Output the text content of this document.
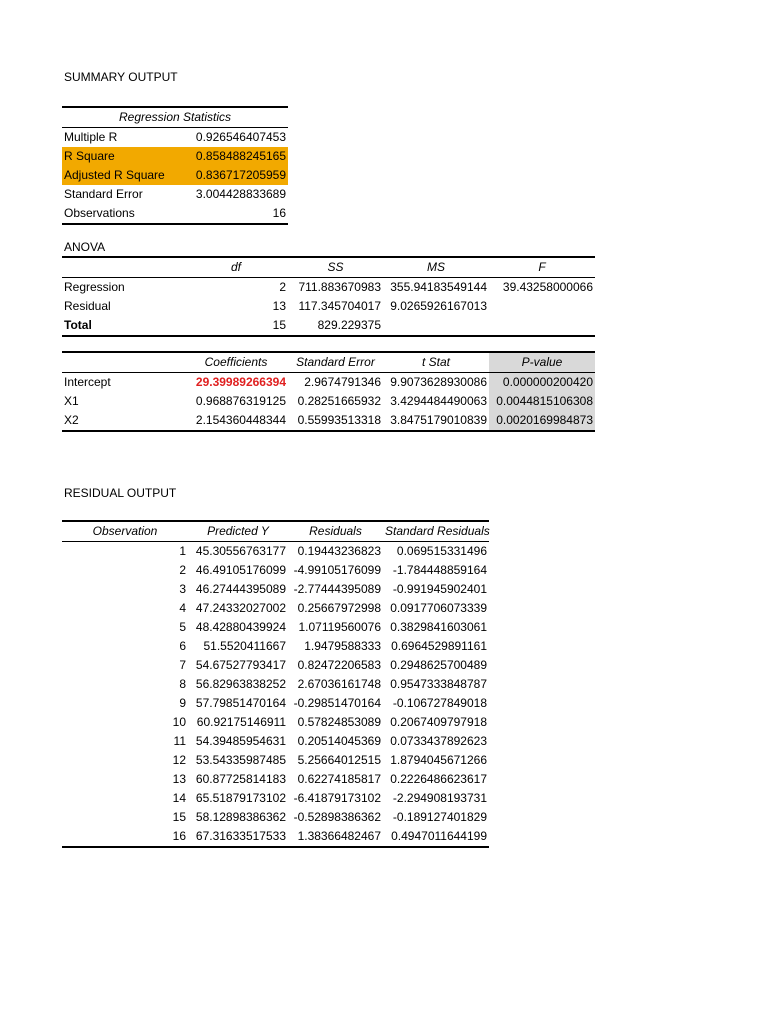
SUMMARY OUTPUT
Regression Statistics	
Multiple R	0.926546407453
R Square	0.858488245165
Adjusted R Square	0.836717205959
Standard Error	3.004428833689
Observations	16
ANOVA
	df	SS	MS	F
Regression	2	711.883670983	355.94183549144	39.43258000066
Residual	13	117.345704017	9.0265926167013	
Total	15	829.229375		
	Coefficients	Standard Error	t Stat	P-value
Intercept	29.39989266394	2.9674791346	9.9073628930086	0.000000200420
X1	0.968876319125	0.28251665932	3.4294484490063	0.0044815106308
X2	2.154360448344	0.55993513318	3.8475179010839	0.0020169984873
RESIDUAL OUTPUT
Observation	Predicted Y	Residuals	Standard Residuals
1	45.30556763177	0.19443236823	0.069515331496
2	46.49105176099	-4.99105176099	-1.784448859164
3	46.27444395089	-2.77444395089	-0.991945902401
4	47.24332027002	0.25667972998	0.0917706073339
5	48.42880439924	1.07119560076	0.3829841603061
6	51.5520411667	1.9479588333	0.6964529891161
7	54.67527793417	0.82472206583	0.2948625700489
8	56.82963838252	2.67036161748	0.9547333848787
9	57.79851470164	-0.29851470164	-0.106727849018
10	60.92175146911	0.57824853089	0.2067409797918
11	54.39485954631	0.20514045369	0.0733437892623
12	53.54335987485	5.25664012515	1.8794045671266
13	60.87725814183	0.62274185817	0.2226486623617
14	65.51879173102	-6.41879173102	-2.294908193731
15	58.12898386362	-0.52898386362	-0.189127401829
16	67.31633517533	1.38366482467	0.4947011644199
